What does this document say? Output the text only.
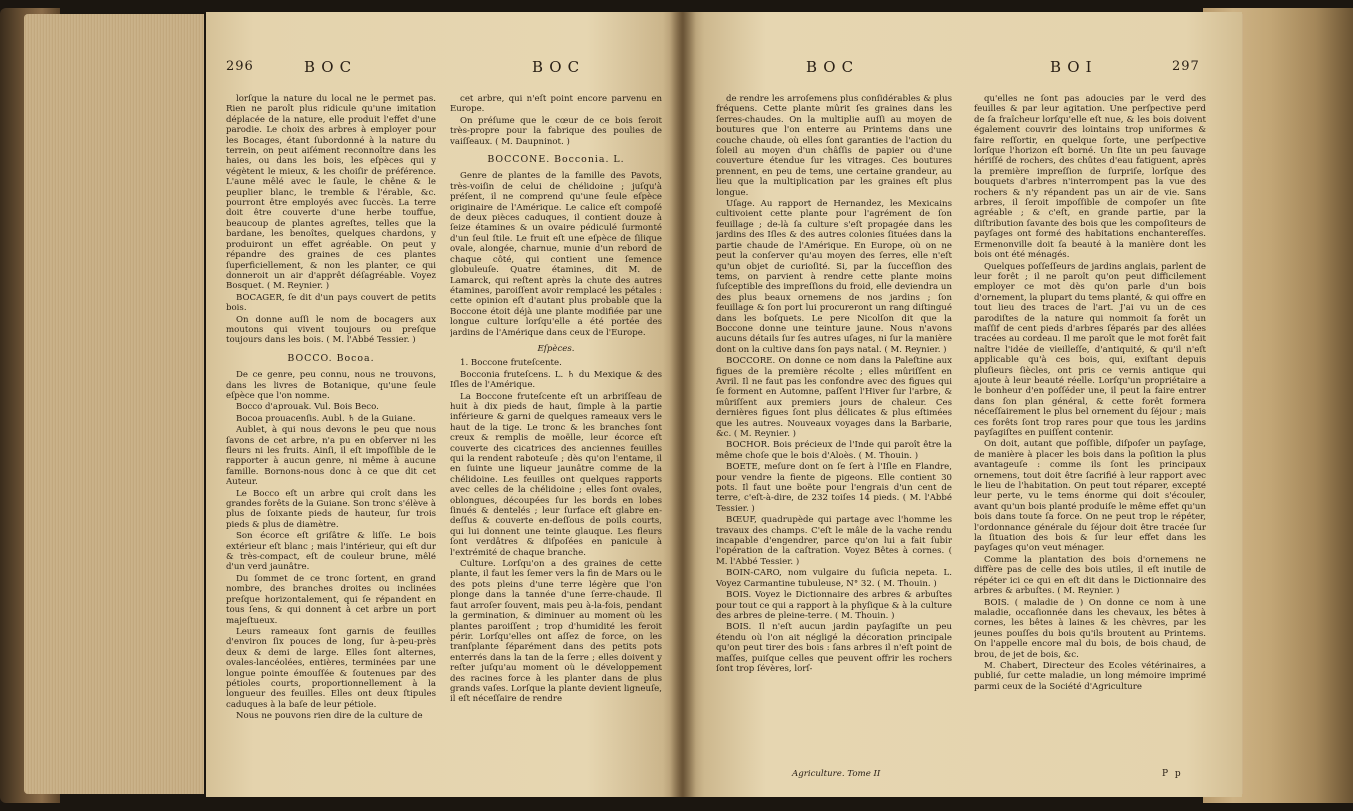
296	BOC	BOC

lorſque la nature du local ne le permet pas. Rien ne paroît plus ridicule qu'une imitation déplacée de la nature, elle produit l'effet d'une parodie. Le choix des arbres à employer pour les Bocages, étant ſubordonné à la nature du terrein, on peut aiſément reconnoître dans les haies, ou dans les bois, les eſpèces qui y végètent le mieux, & les choiſir de préférence. L'aune mêlé avec le ſaule, le chêne & le peuplier blanc, le tremble & l'érable, &c. pourront être employés avec ſuccès. La terre doit être couverte d'une herbe touffue, beaucoup de plantes agreſtes, telles que la bardane, les benoîtes, quelques chardons, y produiront un effet agréable. On peut y répandre des graines de ces plantes ſuperficiellement, & non les planter, ce qui donneroit un air d'apprêt déſagréable. Voyez Bosquet. ( M. Reynier. )

BOCAGER, ſe dit d'un pays couvert de petits bois.

On donne auſſi le nom de bocagers aux moutons qui vivent toujours ou preſque toujours dans les bois. ( M. l'Abbé Tessier. )

BOCCO. Bocoa.

De ce genre, peu connu, nous ne trouvons, dans les livres de Botanique, qu'une ſeule eſpèce que l'on nomme.

Bocco d'aprouak. Vul. Bois Beco.

Bocoa prouacenſis. Aubl. ♄ de la Guiane.

Aublet, à qui nous devons le peu que nous ſavons de cet arbre, n'a pu en obſerver ni les fleurs ni les fruits. Ainſi, il eſt impoſſible de le rapporter à aucun genre, ni même à aucune famille. Bornons-nous donc à ce que dit cet Auteur.

Le Bocco eſt un arbre qui croît dans les grandes forêts de la Guiane. Son tronc s'élève à plus de ſoixante pieds de hauteur, ſur trois pieds & plus de diamètre.

Son écorce eſt griſâtre & liſſe. Le bois extérieur eſt blanc ; mais l'intérieur, qui eſt dur & très-compact, eſt de couleur brune, mêlé d'un verd jaunâtre.

Du ſommet de ce tronc ſortent, en grand nombre, des branches droites ou inclinées preſque horizontalement, qui ſe répandent en tous ſens, & qui donnent à cet arbre un port majeſtueux.

Leurs rameaux ſont garnis de feuilles d'environ ſix pouces de long, ſur à-peu-près deux & demi de large. Elles ſont alternes, ovales-lancéolées, entières, terminées par une longue pointe émouſſée & ſoutenues par des pétioles courts, proportionnellement à la longueur des feuilles. Elles ont deux ſtipules caduques à la baſe de leur pétiole.

Nous ne pouvons rien dire de la culture de

cet arbre, qui n'eſt point encore parvenu en Europe.

On préſume que le cœur de ce bois ſeroit très-propre pour la fabrique des poulies de vaiſſeaux. ( M. Daupninot. )

BOCCONE. Bocconia. L.

Genre de plantes de la famille des Pavots, très-voiſin de celui de chélidoine ; juſqu'à préſent, il ne comprend qu'une ſeule eſpèce originaire de l'Amérique. Le calice eſt compoſé de deux pièces caduques, il contient douze à ſeize étamines & un ovaire pédiculé ſurmonté d'un ſeul ſtile. Le fruit eſt une eſpèce de ſilique ovale, alongée, charnue, munie d'un rebord de chaque côté, qui contient une ſemence globuleuſe. Quatre étamines, dit M. de Lamarck, qui reſtent après la chute des autres étamines, paroiſſent avoir remplacé les pétales : cette opinion eſt d'autant plus probable que la Boccone étoit déjà une plante modifiée par une longue culture lorſqu'elle a été portée des jardins de l'Amérique dans ceux de l'Europe.

Eſpèces.

1. Boccone frutеſcente.

Bocconia frutеſcens. L. ♄ du Mexique & des Iſles de l'Amérique.

La Boccone frutеſcente eſt un arbriſſeau de huit à dix pieds de haut, ſimple à la partie inférieure & garni de quelques rameaux vers le haut de la tige. Le tronc & les branches ſont creux & remplis de moëlle, leur écorce eſt couverte des cicatrices des anciennes feuilles qui la rendent raboteuſe ; dès qu'on l'entame, il en ſuinte une liqueur jaunâtre comme de la chélidoine. Les feuilles ont quelques rapports avec celles de la chélidoine ; elles ſont ovales, oblongues, découpées ſur les bords en lobes ſinués & dentelés ; leur ſurface eſt glabre en-deſſus & couverte en-deſſous de poils courts, qui lui donnent une teinte glauque. Les fleurs ſont verdâtres & diſpoſées en panicule à l'extrémité de chaque branche.

Culture. Lorſqu'on a des graines de cette plante, il faut les ſemer vers la fin de Mars ou le des pots pleins d'une terre légère que l'on plonge dans la tannée d'une ſerre-chaude. Il faut arroſer ſouvent, mais peu à-la-fois, pendant la germination, & diminuer au moment où les plantes paroiſſent ; trop d'humidité les feroit périr. Lorſqu'elles ont aſſez de force, on les tranſplante ſéparément dans des petits pots enterrés dans la tan de la ſerre ; elles doivent y reſter juſqu'au moment où le développement des racines force à les planter dans de plus grands vaſes. Lorſque la plante devient ligneuſe, il eſt néceſſaire de rendre

BOC	BOI	297

de rendre les arroſemens plus conſidérables & plus fréquens. Cette plante mûrit ſes graines dans les ſerres-chaudes. On la multiplie auſſi au moyen de boutures que l'on enterre au Printems dans une couche chaude, où elles ſont garanties de l'action du ſoleil au moyen d'un châſſis de papier ou d'une couverture étendue ſur les vitrages. Ces boutures prennent, en peu de tems, une certaine grandeur, au lieu que la multiplication par les graines eſt plus longue.

Uſage. Au rapport de Hernandez, les Mexicains cultivoient cette plante pour l'agrément de ſon feuillage ; de-là ſa culture s'eſt propagée dans les jardins des Iſles & des autres colonies ſituées dans la partie chaude de l'Amérique. En Europe, où on ne peut la conſerver qu'au moyen des ſerres, elle n'eſt qu'un objet de curioſité. Si, par la ſucceſſion des tems, on parvient à rendre cette plante moins ſuſceptible des impreſſions du froid, elle deviendra un des plus beaux ornemens de nos jardins ; ſon feuillage & ſon port lui procureront un rang diſtingué dans les boſquets. Le pere Nicolſon dit que la Boccone donne une teinture jaune. Nous n'avons aucuns détails ſur ſes autres uſages, ni ſur la manière dont on la cultive dans ſon pays natal. ( M. Reynier. )

BOCCORE. On donne ce nom dans la Paleſtine aux figues de la première récolte ; elles mûriſſent en Avril. Il ne faut pas les confondre avec des figues qui ſe forment en Automne, paſſent l'Hiver ſur l'arbre, & mûriſſent aux premiers jours de chaleur. Ces dernières figues ſont plus délicates & plus eſtimées que les autres. Nouveaux voyages dans la Barbarie, &c. ( M. Reynier. )

BOCHOR. Bois précieux de l'Inde qui paroît être la même choſe que le bois d'Aloès. ( M. Thouin. )

BOETE, meſure dont on ſe ſert à l'Iſle en Flandre, pour vendre la fiente de pigeons. Elle contient 30 pots. Il faut une boëte pour l'engrais d'un cent de terre, c'eſt-à-dire, de 232 toiſes 14 pieds. ( M. l'Abbé Tessier. )

BŒUF, quadrupède qui partage avec l'homme les travaux des champs. C'eſt le mâle de la vache rendu incapable d'engendrer, parce qu'on lui a fait ſubir l'opération de la caſtration. Voyez Bêtes à cornes. ( M. l'Abbé Tessier. )

BOIN-CARO, nom vulgaire du ſuſicia nepeta. L. Voyez Carmantine tubuleuse, N° 32. ( M. Thouin. )

BOIS. Voyez le Dictionnaire des arbres & arbuſtes pour tout ce qui a rapport à la phyſique & à la culture des arbres de pleine-terre. ( M. Thouin. )

BOIS. Il n'eſt aucun jardin payſagiſte un peu étendu où l'on ait négligé la décoration principale qu'on peut tirer des bois : ſans arbres il n'eſt point de maſſes, puiſque celles que peuvent offrir les rochers ſont trop ſévères, lorſ-

Agriculture. Tome II

qu'elles ne ſont pas adoucies par le verd des feuilles & par leur agitation. Une perſpective perd de ſa fraîcheur lorſqu'elle eſt nue, & les bois doivent également couvrir des lointains trop uniformes & faire reſſortir, en quelque ſorte, une perſpective lorſque l'horizon eſt borné. Un ſite un peu ſauvage hériſſé de rochers, des chûtes d'eau fatiguent, après la première impreſſion de ſurpriſe, lorſque des bouquets d'arbres n'interrompent pas la vue des rochers & n'y répandent pas un air de vie. Sans arbres, il ſeroit impoſſible de compoſer un ſite agréable ; & c'eſt, en grande partie, par la diſtribution ſavante des bois que les compoſiteurs de payſages ont formé des habitations enchantereſſes. Ermenonville doit ſa beauté à la manière dont les bois ont été ménagés.

Quelques poſſeſſeurs de jardins anglais, parlent de leur forêt ; il ne paroît qu'on peut difficilement employer ce mot dès qu'on parle d'un bois d'ornement, la plupart du tems planté, & qui offre en tout lieu des traces de l'art. J'ai vu un de ces parodiſtes de la nature qui nommoit ſa forêt un maſſif de cent pieds d'arbres ſéparés par des allées tracées au cordeau. Il me paroît que le mot forêt fait naître l'idée de vieilleſſe, d'antiquité, & qu'il n'eſt applicable qu'à ces bois, qui, exiſtant depuis pluſieurs ſiècles, ont pris ce vernis antique qui ajoute à leur beauté réelle. Lorſqu'un propriétaire a le bonheur d'en poſſéder une, il peut la faire entrer dans ſon plan général, & cette forêt formera néceſſairement le plus bel ornement du ſéjour ; mais ces forêts ſont trop rares pour que tous les jardins payſagiſtes en puiſſent contenir.

On doit, autant que poſſible, diſpoſer un payſage, de manière à placer les bois dans la poſition la plus avantageuſe : comme ils ſont les principaux ornemens, tout doit être ſacrifié à leur rapport avec le lieu de l'habitation. On peut tout réparer, excepté leur perte, vu le tems énorme qui doit s'écouler, avant qu'un bois planté produiſe le même effet qu'un bois dans toute ſa force. On ne peut trop le répéter, l'ordonnance générale du ſéjour doit être tracée ſur la ſituation des bois & ſur leur effet dans les payſages qu'on veut ménager.

Comme la plantation des bois d'ornemens ne diffère pas de celle des bois utiles, il eſt inutile de répéter ici ce qui en eſt dit dans le Dictionnaire des arbres & arbuſtes. ( M. Reynier. )

BOIS. ( maladie de ) On donne ce nom à une maladie, occaſionnée dans les chevaux, les bêtes à cornes, les bêtes à laines & les chèvres, par les jeunes pouſſes du bois qu'ils broutent au Printems. On l'appelle encore mal du bois, de bois chaud, de brou, de jet de bois, &c.

M. Chabert, Directeur des Ecoles vétérinaires, a publié, ſur cette maladie, un long mémoire imprimé parmi ceux de la Société d'Agriculture

P p
